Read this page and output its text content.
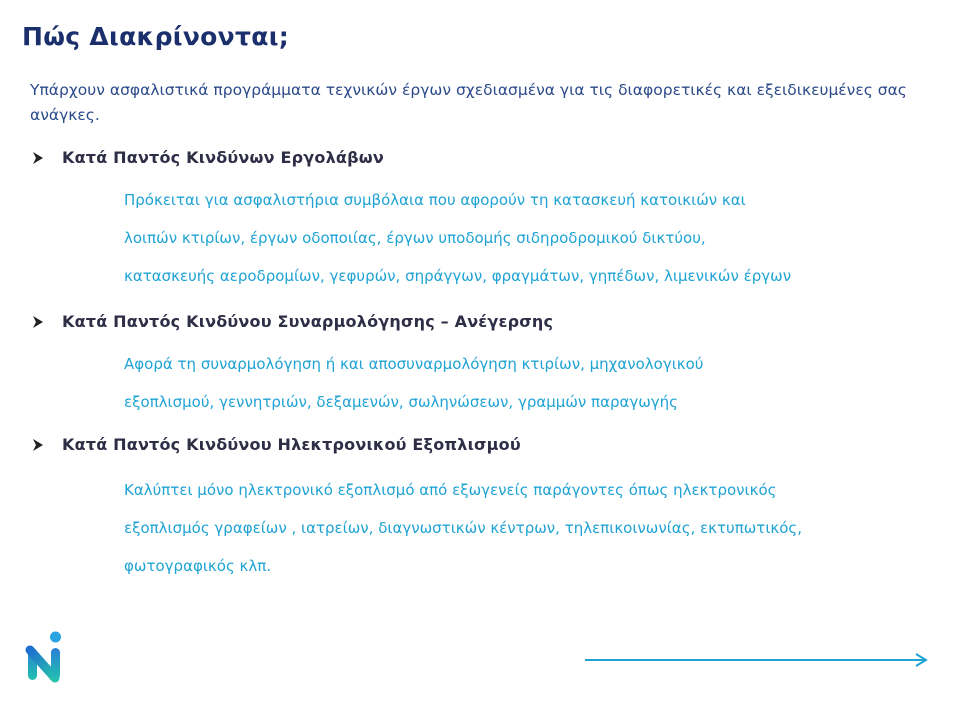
Πώς Διακρίνονται;

Υπάρχουν ασφαλιστικά προγράμματα τεχνικών έργων σχεδιασμένα για τις διαφορετικές και εξειδικευμένες σας ανάγκες.

Κατά Παντός Κινδύνων Εργολάβων
Πρόκειται για ασφαλιστήρια συμβόλαια που αφορούν τη κατασκευή κατοικιών και
λοιπών κτιρίων, έργων οδοποιίας, έργων υποδομής σιδηροδρομικού δικτύου,
κατασκευής αεροδρομίων, γεφυρών, σηράγγων, φραγμάτων, γηπέδων, λιμενικών έργων
Κατά Παντός Κινδύνου Συναρμολόγησης – Ανέγερσης
Αφορά τη συναρμολόγηση ή και αποσυναρμολόγηση κτιρίων, μηχανολογικού
εξοπλισμού, γεννητριών, δεξαμενών, σωληνώσεων, γραμμών παραγωγής
Κατά Παντός Κινδύνου Ηλεκτρονικού Εξοπλισμού
Καλύπτει μόνο ηλεκτρονικό εξοπλισμό από εξωγενείς παράγοντες όπως ηλεκτρονικός
εξοπλισμός γραφείων , ιατρείων, διαγνωστικών κέντρων, τηλεπικοινωνίας, εκτυπωτικός,
φωτογραφικός κλπ.
